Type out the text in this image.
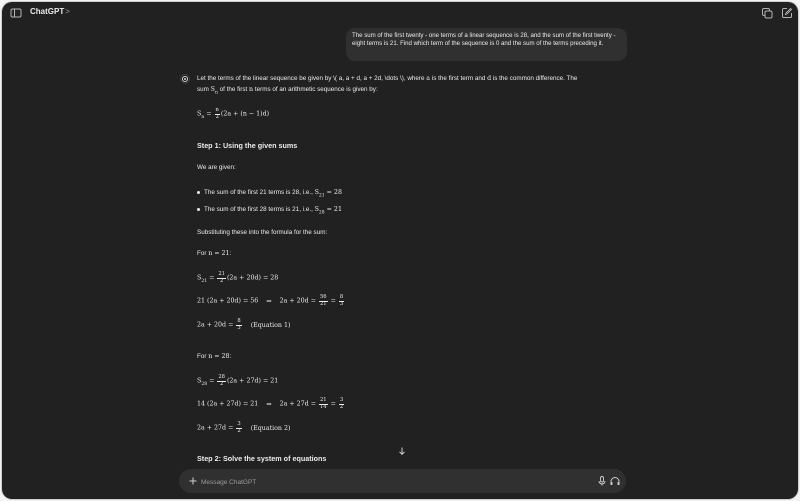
ChatGPT>
The sum of the first twenty - one terms of a linear sequence is 28, and the sum of the first twenty - eight terms is 21. Find which term of the sequence is 0 and the sum of the terms preceding it.
Let the terms of the linear sequence be given by \( a, a + d, a + 2d, \dots \), where a is the first term and d is the common difference. The
sum $S_n$ of the first n terms of an arithmetic sequence is given by:
$S_n = \frac{n}{2} (2a + (n - 1)d)$
Step 1: Using the given sums
We are given:
The sum of the first 21 terms is 28, i.e., $S_{21} = 28$
The sum of the first 28 terms is 21, i.e., $S_{28} = 21$
Substituting these into the formula for the sum:
For n = 21:
$S_{21} = \frac{21}{2} (2a + 20d) = 28$
21 (2a + 20d) = 56 ⇒ $2a + 20d = \frac{56}{21} = \frac{8}{3}$
$2a + 20d = \frac{8}{3}$ (Equation 1)
For n = 28:
$S_{28} = \frac{28}{2} (2a + 27d) = 21$
14 (2a + 27d) = 21 ⇒ $2a + 27d = \frac{21}{14} = \frac{3}{2}$
$2a + 27d = \frac{3}{2}$ (Equation 2)
Step 2: Solve the system of equations
Message ChatGPT
